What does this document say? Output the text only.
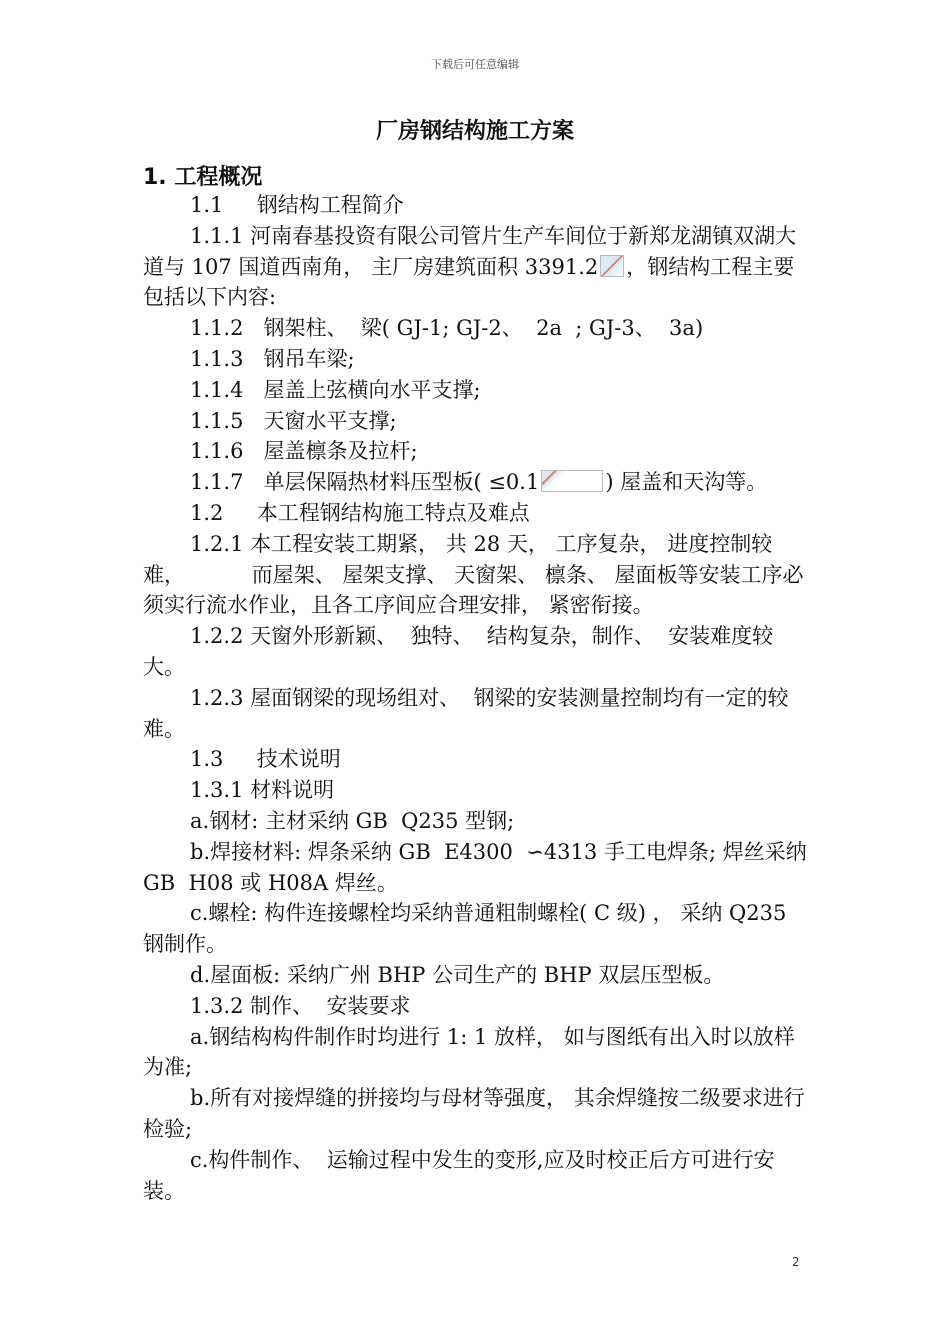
下载后可任意编辑
厂房钢结构施工方案
1. 工程概况

1.1     钢结构工程简介

1.1.1 河南春基投资有限公司管片生产车间位于新郑龙湖镇双湖大道与 107 国道西南角， 主厂房建筑面积 3391.2 ，钢结构工程主要包括以下内容:

1.1.2   钢架柱、  梁( GJ-1; GJ-2、  2a  ; GJ-3、  3a)

1.1.3   钢吊车梁;

1.1.4   屋盖上弦横向水平支撑;

1.1.5   天窗水平支撑;

1.1.6   屋盖檩条及拉杆;

1.1.7   单层保隔热材料压型板( ≤0.1	) 屋盖和天沟等。

1.2     本工程钢结构施工特点及难点

1.2.1 本工程安装工期紧， 共 28 天， 工序复杂， 进度控制较难，          而屋架、 屋架支撑、 天窗架、 檩条、 屋面板等安装工序必须实行流水作业，且各工序间应合理安排， 紧密衔接。

1.2.2 天窗外形新颖、  独特、  结构复杂，制作、  安装难度较大。

1.2.3 屋面钢梁的现场组对、  钢梁的安装测量控制均有一定的较难。

1.3     技术说明

1.3.1 材料说明

a.钢材: 主材采纳 GB  Q235 型钢;

b.焊接材料: 焊条采纳 GB  E4300  ∽4313 手工电焊条; 焊丝采纳 GB  H08 或 H08A 焊丝。

c.螺栓: 构件连接螺栓均采纳普通粗制螺栓( C 级) ， 采纳 Q235 钢制作。

d.屋面板: 采纳广州 BHP 公司生产的 BHP 双层压型板。

1.3.2 制作、  安装要求

a.钢结构构件制作时均进行 1: 1 放样， 如与图纸有出入时以放样为准;

b.所有对接焊缝的拼接均与母材等强度， 其余焊缝按二级要求进行检验;

c.构件制作、  运输过程中发生的变形,应及时校正后方可进行安装。

2
